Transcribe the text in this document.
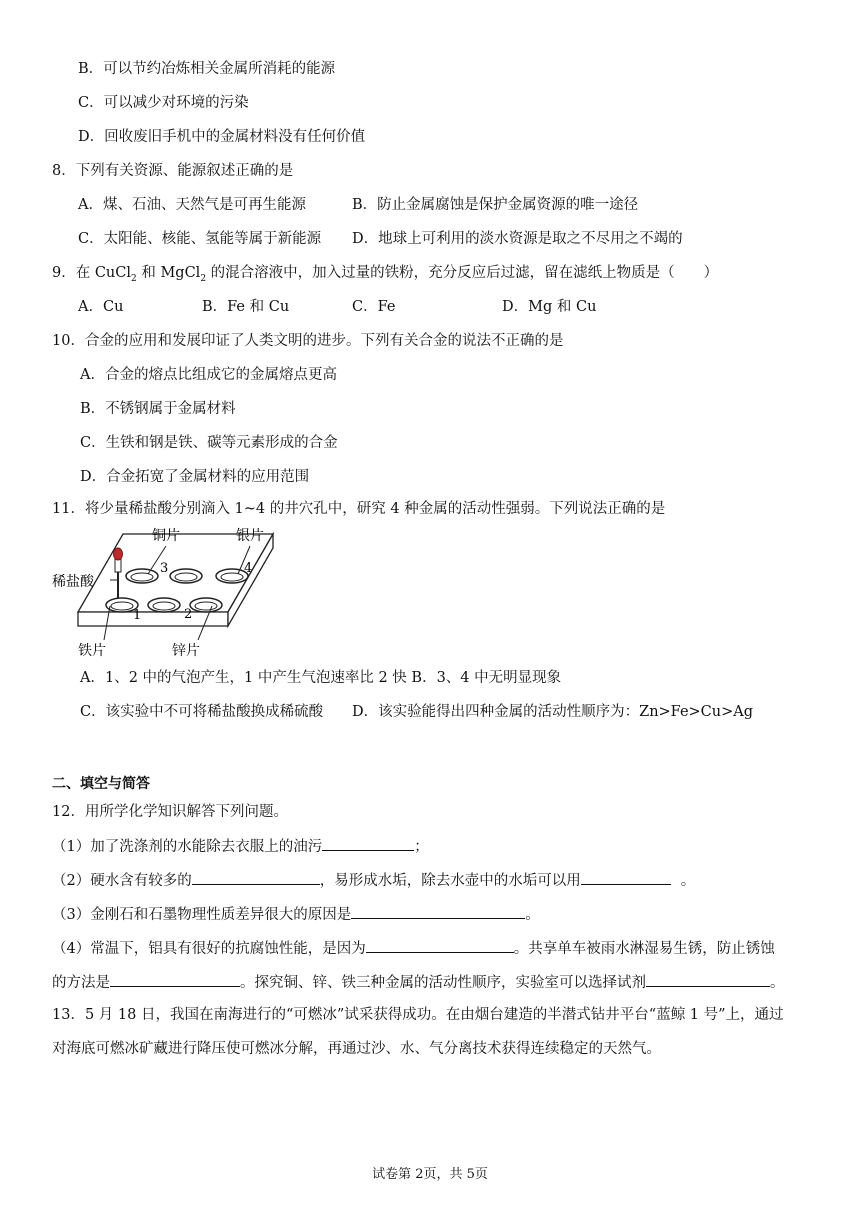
B．可以节约冶炼相关金属所消耗的能源
C．可以减少对环境的污染
D．回收废旧手机中的金属材料没有任何价值
8．下列有关资源、能源叙述正确的是
A．煤、石油、天然气是可再生能源	B．防止金属腐蚀是保护金属资源的唯一途径
C．太阳能、核能、氢能等属于新能源 D．地球上可利用的淡水资源是取之不尽用之不竭的
9．在 CuCl$_2$ 和 MgCl$_2$ 的混合溶液中，加入过量的铁粉，充分反应后过滤，留在滤纸上物质是（　　）
A．Cu	B．Fe 和 Cu	C．Fe	D．Mg 和 Cu
10．合金的应用和发展印证了人类文明的进步。下列有关合金的说法不正确的是
A．合金的熔点比组成它的金属熔点更高
B．不锈钢属于金属材料
C．生铁和钢是铁、碳等元素形成的合金
D．合金拓宽了金属材料的应用范围
11．将少量稀盐酸分别滴入 1~4 的井穴孔中，研究 4 种金属的活动性强弱。下列说法正确的是
3	4
1	2
稀盐酸
铜片	银片
铁片	锌片
A．1、2 中的气泡产生，1 中产生气泡速率比 2 快 B．3、4 中无明显现象
C．该实验中不可将稀盐酸换成稀硫酸 D．该实验能得出四种金属的活动性顺序为：Zn>Fe>Cu>Ag
二、填空与简答
12．用所学化学知识解答下列问题。
（1）加了洗涤剂的水能除去衣服上的油污	；
（2）硬水含有较多的	，易形成水垢，除去水壶中的水垢可以用	。
（3）金刚石和石墨物理性质差异很大的原因是	。
（4）常温下，铝具有很好的抗腐蚀性能，是因为	。共享单车被雨水淋湿易生锈，防止锈蚀
的方法是	。探究铜、锌、铁三种金属的活动性顺序，实验室可以选择试剂	。
13．5 月 18 日，我国在南海进行的“可燃冰”试采获得成功。在由烟台建造的半潜式钻井平台“蓝鲸 1 号”上，通过
对海底可燃冰矿藏进行降压使可燃冰分解，再通过沙、水、气分离技术获得连续稳定的天然气。
试卷第 2页，共 5页
